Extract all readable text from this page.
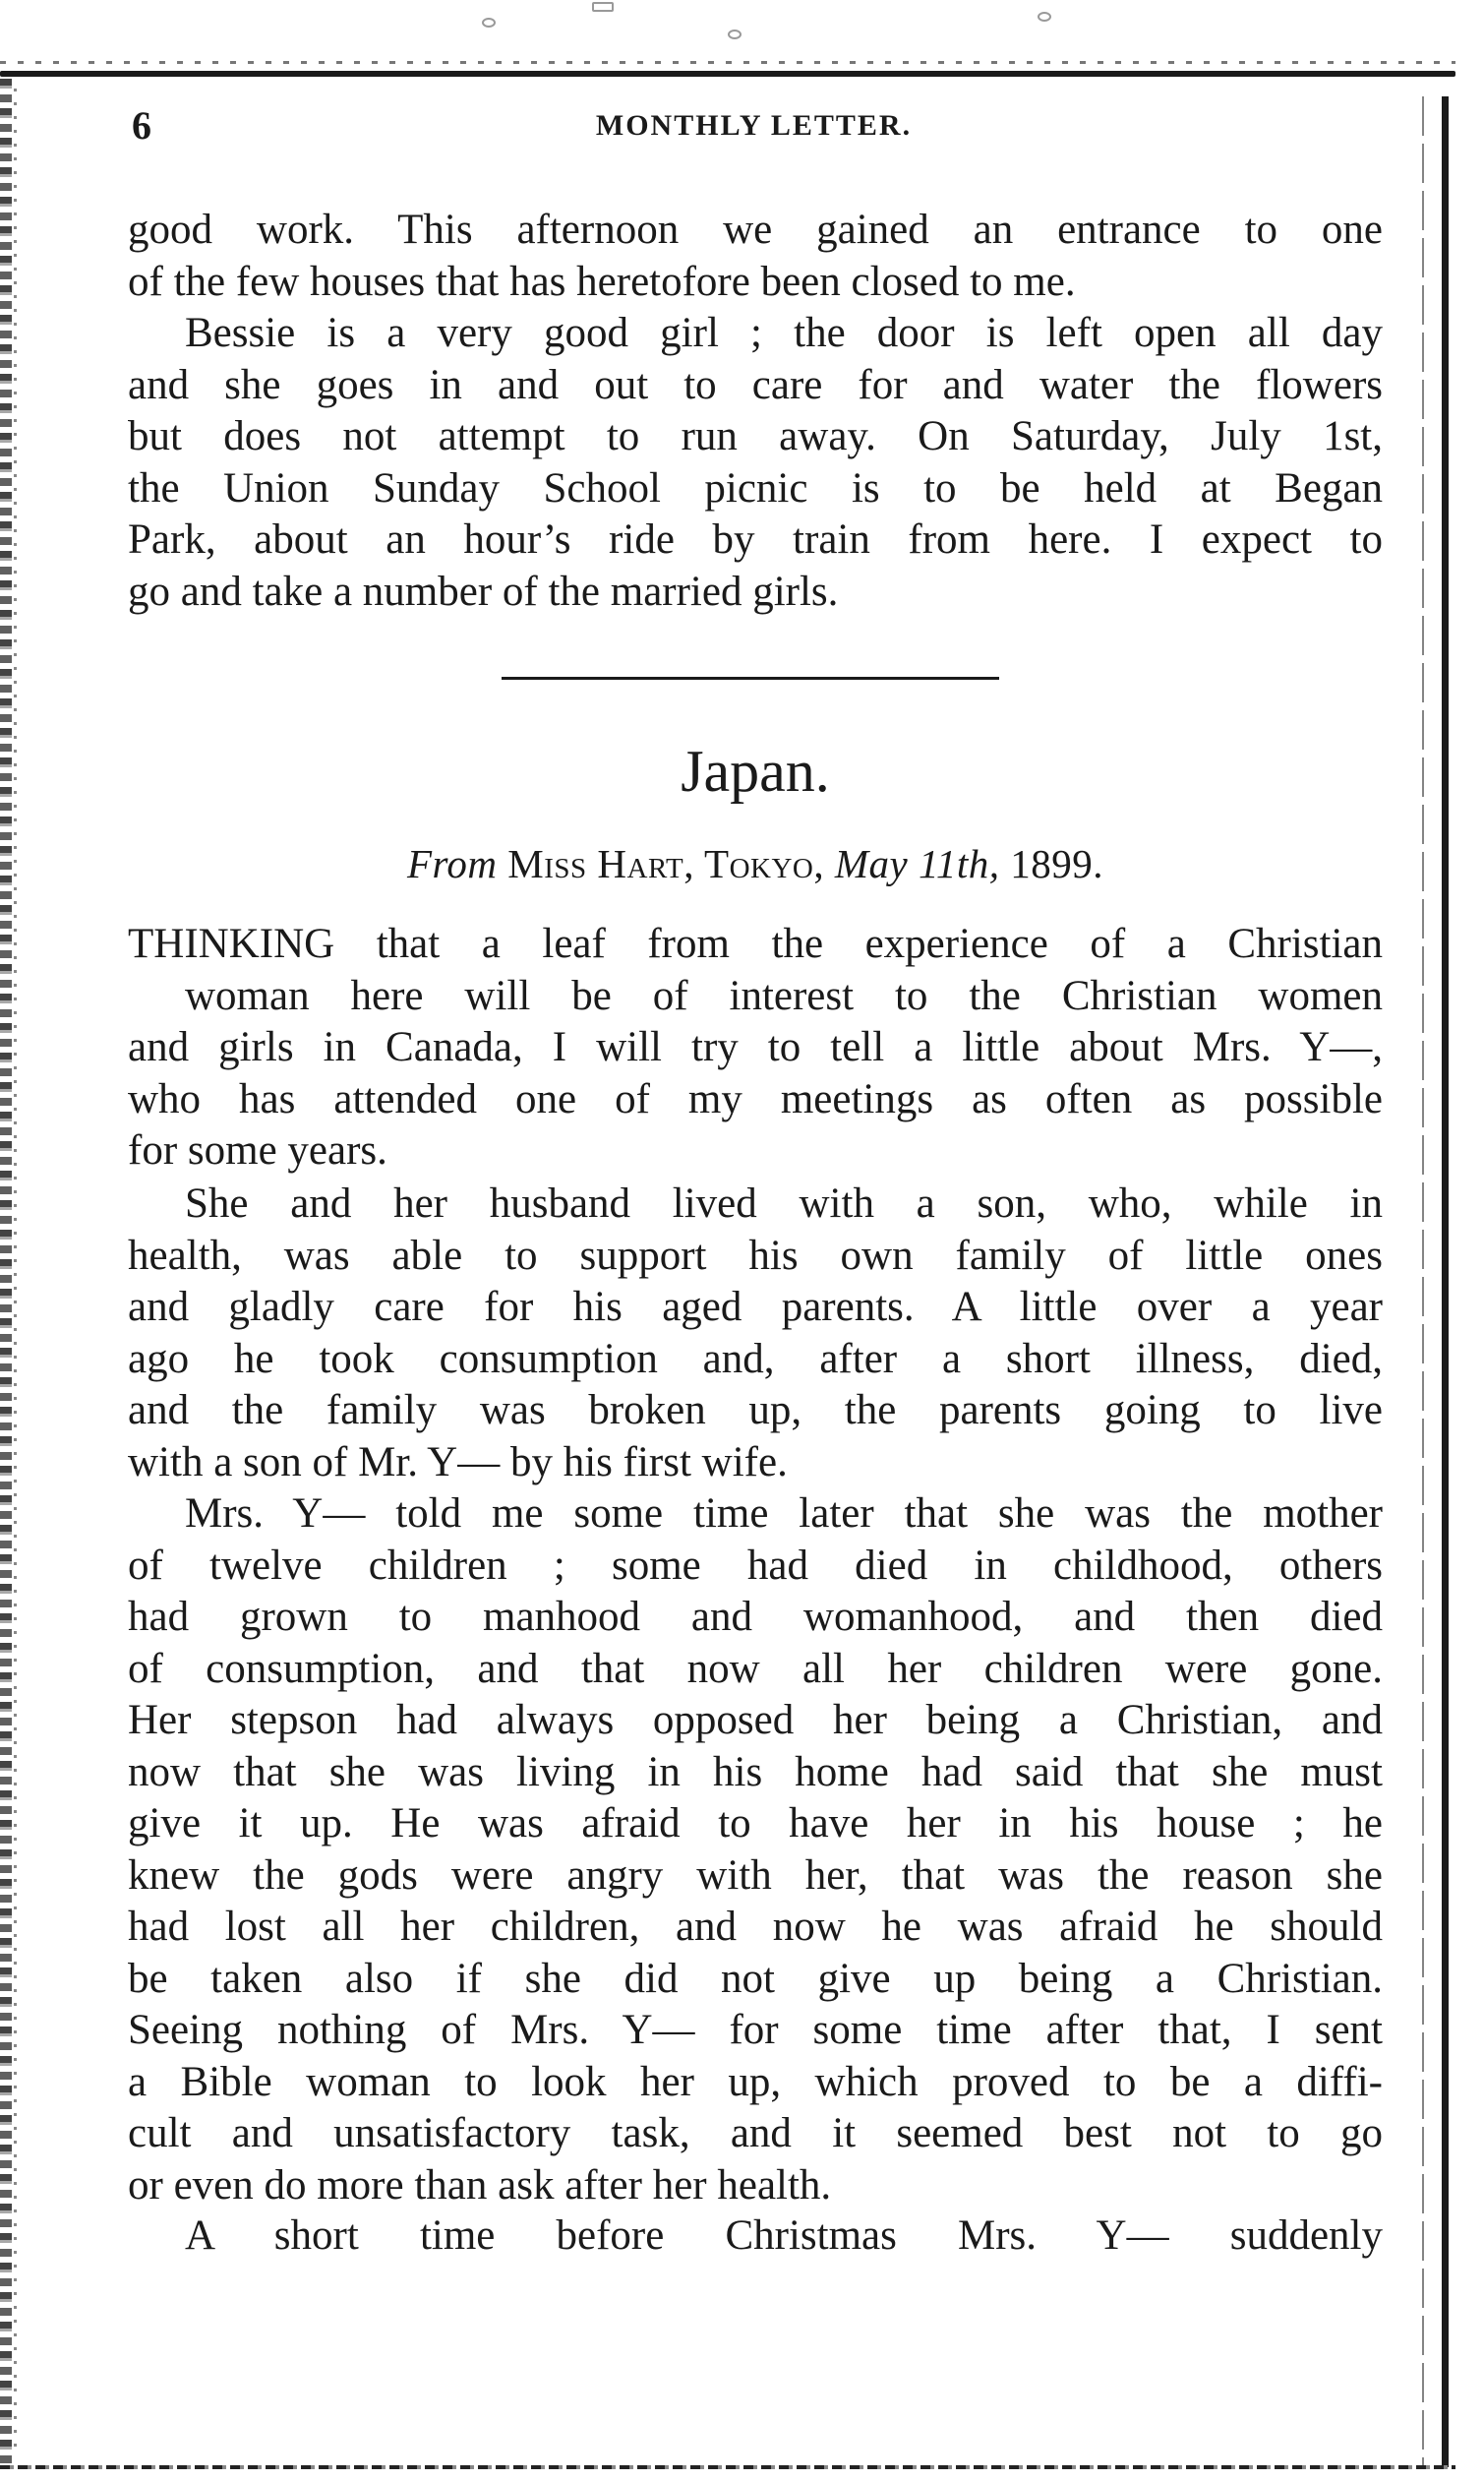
6	MONTHLY LETTER.
good work. This afternoon we gained an entrance to one
of the few houses that has heretofore been closed to me.
Bessie is a very good girl ; the door is left open all day
and she goes in and out to care for and water the flowers
but does not attempt to run away. On Saturday, July 1st,
the Union Sunday School picnic is to be held at Began
Park, about an hour’s ride by train from here. I expect to
go and take a number of the married girls.
Japan.
From Miss Hart, Tokyo, May 11th, 1899.
THINKING that a leaf from the experience of a Christian
woman here will be of interest to the Christian women
and girls in Canada, I will try to tell a little about Mrs. Y—,
who has attended one of my meetings as often as possible
for some years.
She and her husband lived with a son, who, while in
health, was able to support his own family of little ones
and gladly care for his aged parents. A little over a year
ago he took consumption and, after a short illness, died,
and the family was broken up, the parents going to live
with a son of Mr. Y— by his first wife.
Mrs. Y— told me some time later that she was the mother
of twelve children ; some had died in childhood, others
had grown to manhood and womanhood, and then died
of consumption, and that now all her children were gone.
Her stepson had always opposed her being a Christian, and
now that she was living in his home had said that she must
give it up. He was afraid to have her in his house ; he
knew the gods were angry with her, that was the reason she
had lost all her children, and now he was afraid he should
be taken also if she did not give up being a Christian.
Seeing nothing of Mrs. Y— for some time after that, I sent
a Bible woman to look her up, which proved to be a diffi-
cult and unsatisfactory task, and it seemed best not to go
or even do more than ask after her health.
A short time before Christmas Mrs. Y— suddenly
